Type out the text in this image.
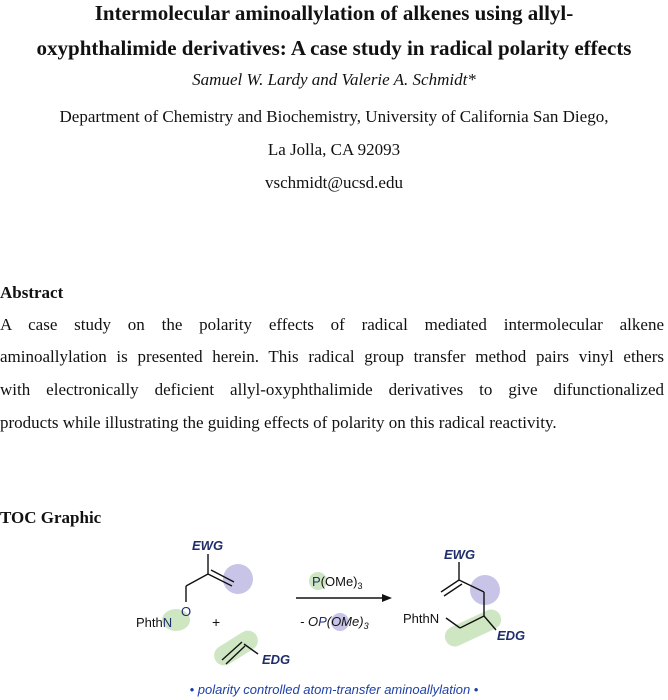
Intermolecular aminoallylation of alkenes using allyl-
oxyphthalimide derivatives: A case study in radical polarity effects
Samuel W. Lardy and Valerie A. Schmidt*
Department of Chemistry and Biochemistry, University of California San Diego,
La Jolla, CA 92093
vschmidt@ucsd.edu
Abstract
A case study on the polarity effects of radical mediated intermolecular alkene
aminoallylation is presented herein. This radical group transfer method pairs vinyl ethers
with electronically deficient allyl-oxyphthalimide derivatives to give difunctionalized
products while illustrating the guiding effects of polarity on this radical reactivity.
TOC Graphic
EWG
O
PhthN	+
EDG
$P(OMe)_3$
- $OP(OMe)_3$
EWG
PhthN
EDG
• polarity controlled atom-transfer aminoallylation •
